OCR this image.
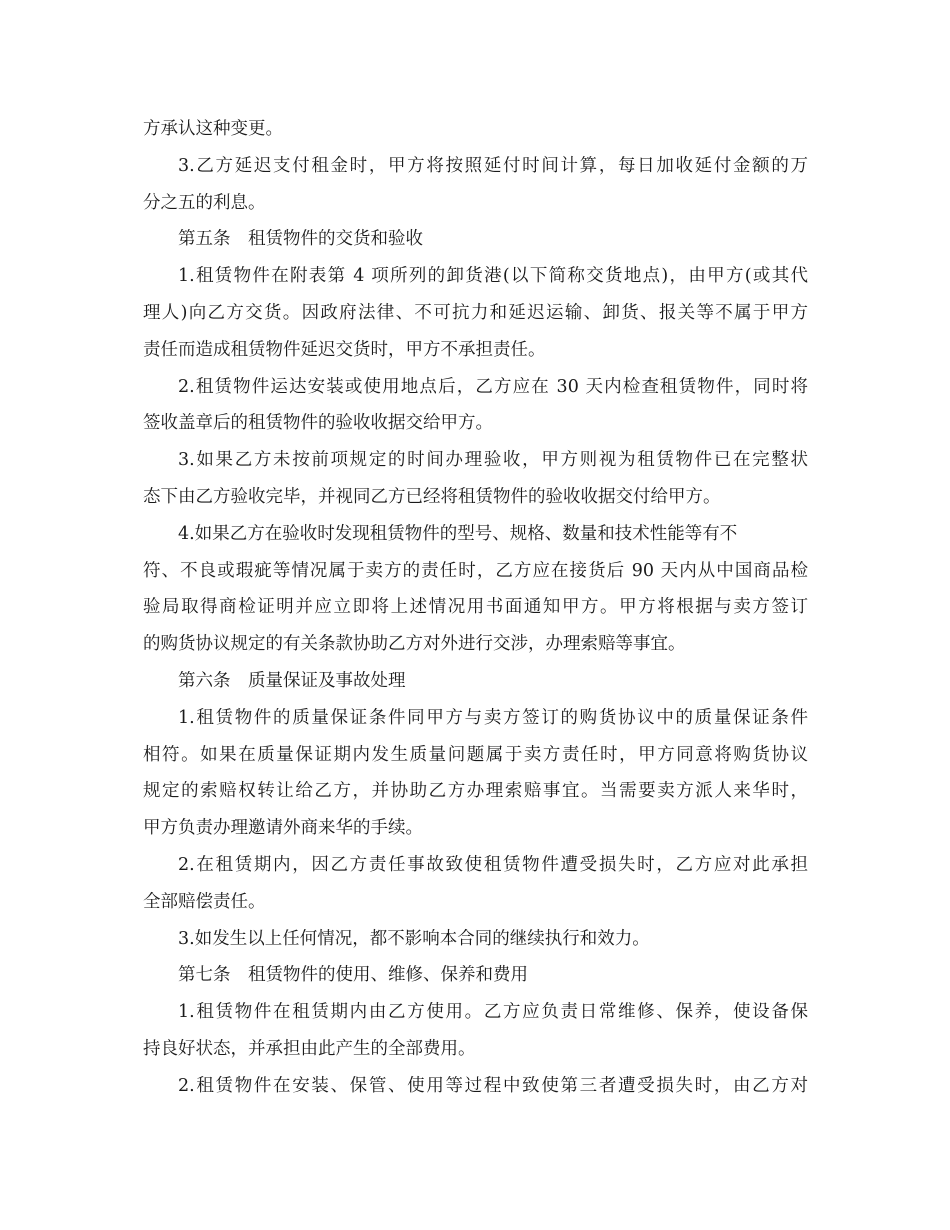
方承认这种变更。
3.乙方延迟支付租金时，甲方将按照延付时间计算，每日加收延付金额的万
分之五的利息。
第五条　租赁物件的交货和验收
1.租赁物件在附表第 4 项所列的卸货港(以下简称交货地点)，由甲方(或其代
理人)向乙方交货。因政府法律、不可抗力和延迟运输、卸货、报关等不属于甲方
责任而造成租赁物件延迟交货时，甲方不承担责任。
2.租赁物件运达安装或使用地点后，乙方应在 30 天内检查租赁物件，同时将
签收盖章后的租赁物件的验收收据交给甲方。
3.如果乙方未按前项规定的时间办理验收，甲方则视为租赁物件已在完整状
态下由乙方验收完毕，并视同乙方已经将租赁物件的验收收据交付给甲方。
4.如果乙方在验收时发现租赁物件的型号、规格、数量和技术性能等有不
符、不良或瑕疵等情况属于卖方的责任时，乙方应在接货后 90 天内从中国商品检
验局取得商检证明并应立即将上述情况用书面通知甲方。甲方将根据与卖方签订
的购货协议规定的有关条款协助乙方对外进行交涉，办理索赔等事宜。
第六条　质量保证及事故处理
1.租赁物件的质量保证条件同甲方与卖方签订的购货协议中的质量保证条件
相符。如果在质量保证期内发生质量问题属于卖方责任时，甲方同意将购货协议
规定的索赔权转让给乙方，并协助乙方办理索赔事宜。当需要卖方派人来华时，
甲方负责办理邀请外商来华的手续。
2.在租赁期内，因乙方责任事故致使租赁物件遭受损失时，乙方应对此承担
全部赔偿责任。
3.如发生以上任何情况，都不影响本合同的继续执行和效力。
第七条　租赁物件的使用、维修、保养和费用
1.租赁物件在租赁期内由乙方使用。乙方应负责日常维修、保养，使设备保
持良好状态，并承担由此产生的全部费用。
2.租赁物件在安装、保管、使用等过程中致使第三者遭受损失时，由乙方对
